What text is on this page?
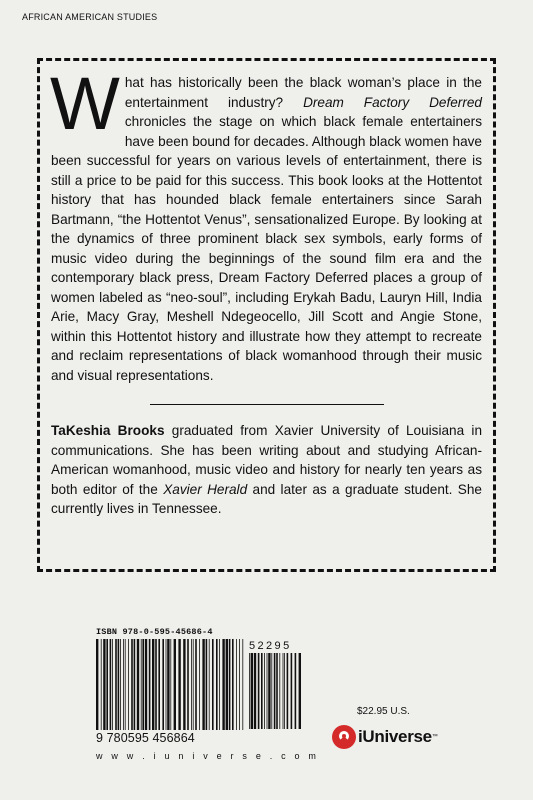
AFRICAN AMERICAN STUDIES

What has historically been the black woman’s place in the entertainment industry? Dream Factory Deferred chronicles the stage on which black female entertainers have been bound for decades. Although black women have been successful for years on various levels of entertainment, there is still a price to be paid for this success. This book looks at the Hottentot history that has hounded black female entertainers since Sarah Bartmann, “the Hottentot Venus”, sensationalized Europe. By looking at the dynamics of three prominent black sex symbols, early forms of music video during the beginnings of the sound film era and the contemporary black press, Dream Factory Deferred places a group of women labeled as “neo-soul”, including Erykah Badu, Lauryn Hill, India Arie, Macy Gray, Meshell Ndegeocello, Jill Scott and Angie Stone, within this Hottentot history and illustrate how they attempt to recreate and reclaim representations of black womanhood through their music and visual representations.

TaKeshia Brooks graduated from Xavier University of Louisiana in communications. She has been writing about and studying African-American womanhood, music video and history for nearly ten years as both editor of the Xavier Herald and later as a graduate student. She currently lives in Tennessee.

ISBN 978-0-595-45686-4
52295
9 780595 456864
w w w . i u n i v e r s e . c o m
$22.95 U.S.
iUniverse ™
